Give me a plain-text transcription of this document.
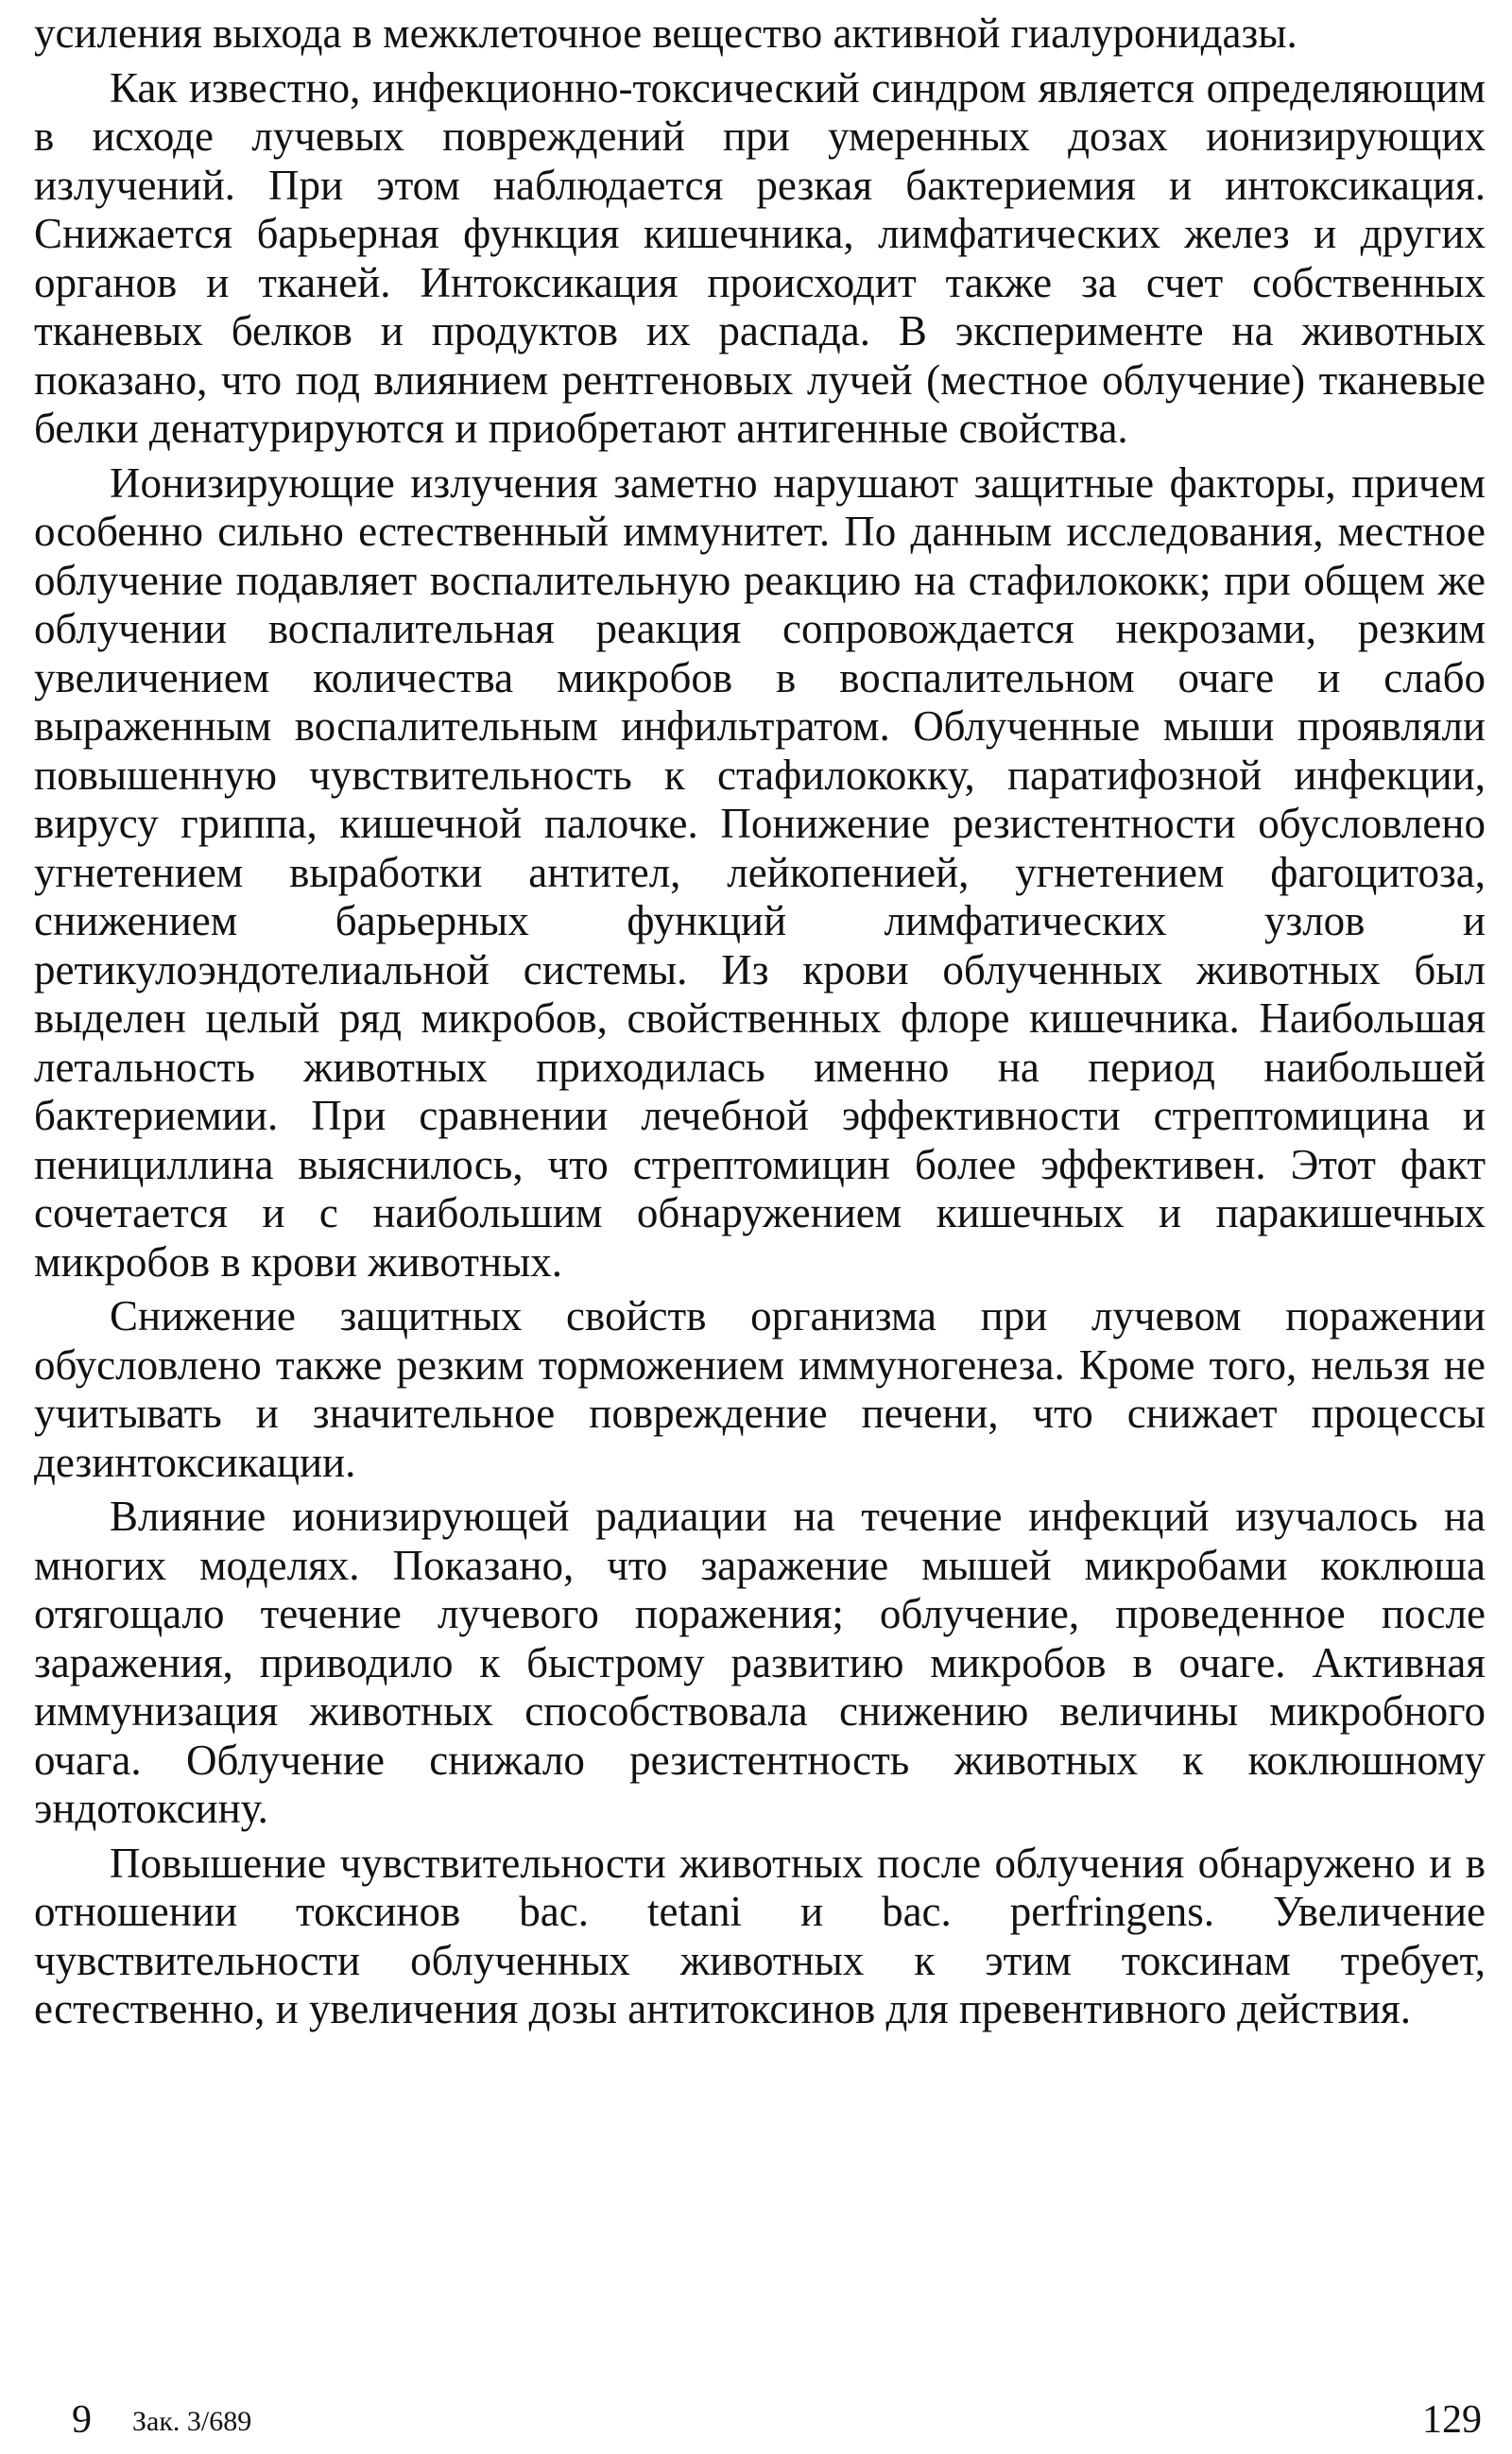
усиления выхода в межклеточное вещество активной гиалуронидазы.

Как известно, инфекционно-токсический синдром является определяющим в исходе лучевых повреждений при умеренных дозах ионизирующих излучений. При этом наблюдается резкая бактериемия и интоксикация. Снижается барьерная функция кишечника, лимфатических желез и других органов и тканей. Интоксикация происходит также за счет собственных тканевых белков и продуктов их распада. В эксперименте на животных показано, что под влиянием рентгеновых лучей (местное облучение) тканевые белки денатурируются и приобретают антигенные свойства.

Ионизирующие излучения заметно нарушают защитные факторы, причем особенно сильно естественный иммунитет. По данным исследования, местное облучение подавляет воспалительную реакцию на стафилококк; при общем же облучении воспалительная реакция сопровождается некрозами, резким увеличением количества микробов в воспалительном очаге и слабо выраженным воспалительным инфильтратом. Облученные мыши проявляли повышенную чувствительность к стафилококку, паратифозной инфекции, вирусу гриппа, кишечной палочке. Понижение резистентности обусловлено угнетением выработки антител, лейкопенией, угнетением фагоцитоза, снижением барьерных функций лимфатических узлов и ретикулоэндотелиальной системы. Из крови облученных животных был выделен целый ряд микробов, свойственных флоре кишечника. Наибольшая летальность животных приходилась именно на период наибольшей бактериемии. При сравнении лечебной эффективности стрептомицина и пенициллина выяснилось, что стрептомицин более эффективен. Этот факт сочетается и с наибольшим обнаружением кишечных и паракишечных микробов в крови животных.

Снижение защитных свойств организма при лучевом поражении обусловлено также резким торможением иммуногенеза. Кроме того, нельзя не учитывать и значительное повреждение печени, что снижает процессы дезинтоксикации.

Влияние ионизирующей радиации на течение инфекций изучалось на многих моделях. Показано, что заражение мышей микробами коклюша отягощало течение лучевого поражения; облучение, проведенное после заражения, приводило к быстрому развитию микробов в очаге. Активная иммунизация животных способствовала снижению величины микробного очага. Облучение снижало резистентность животных к коклюшному эндотоксину.

Повышение чувствительности животных после облучения обнаружено и в отношении токсинов bac. tetani и bac. perfringens. Увеличение чувствительности облученных животных к этим токсинам требует, естественно, и увеличения дозы антитоксинов для превентивного действия.

9 Зак. 3/689	129
